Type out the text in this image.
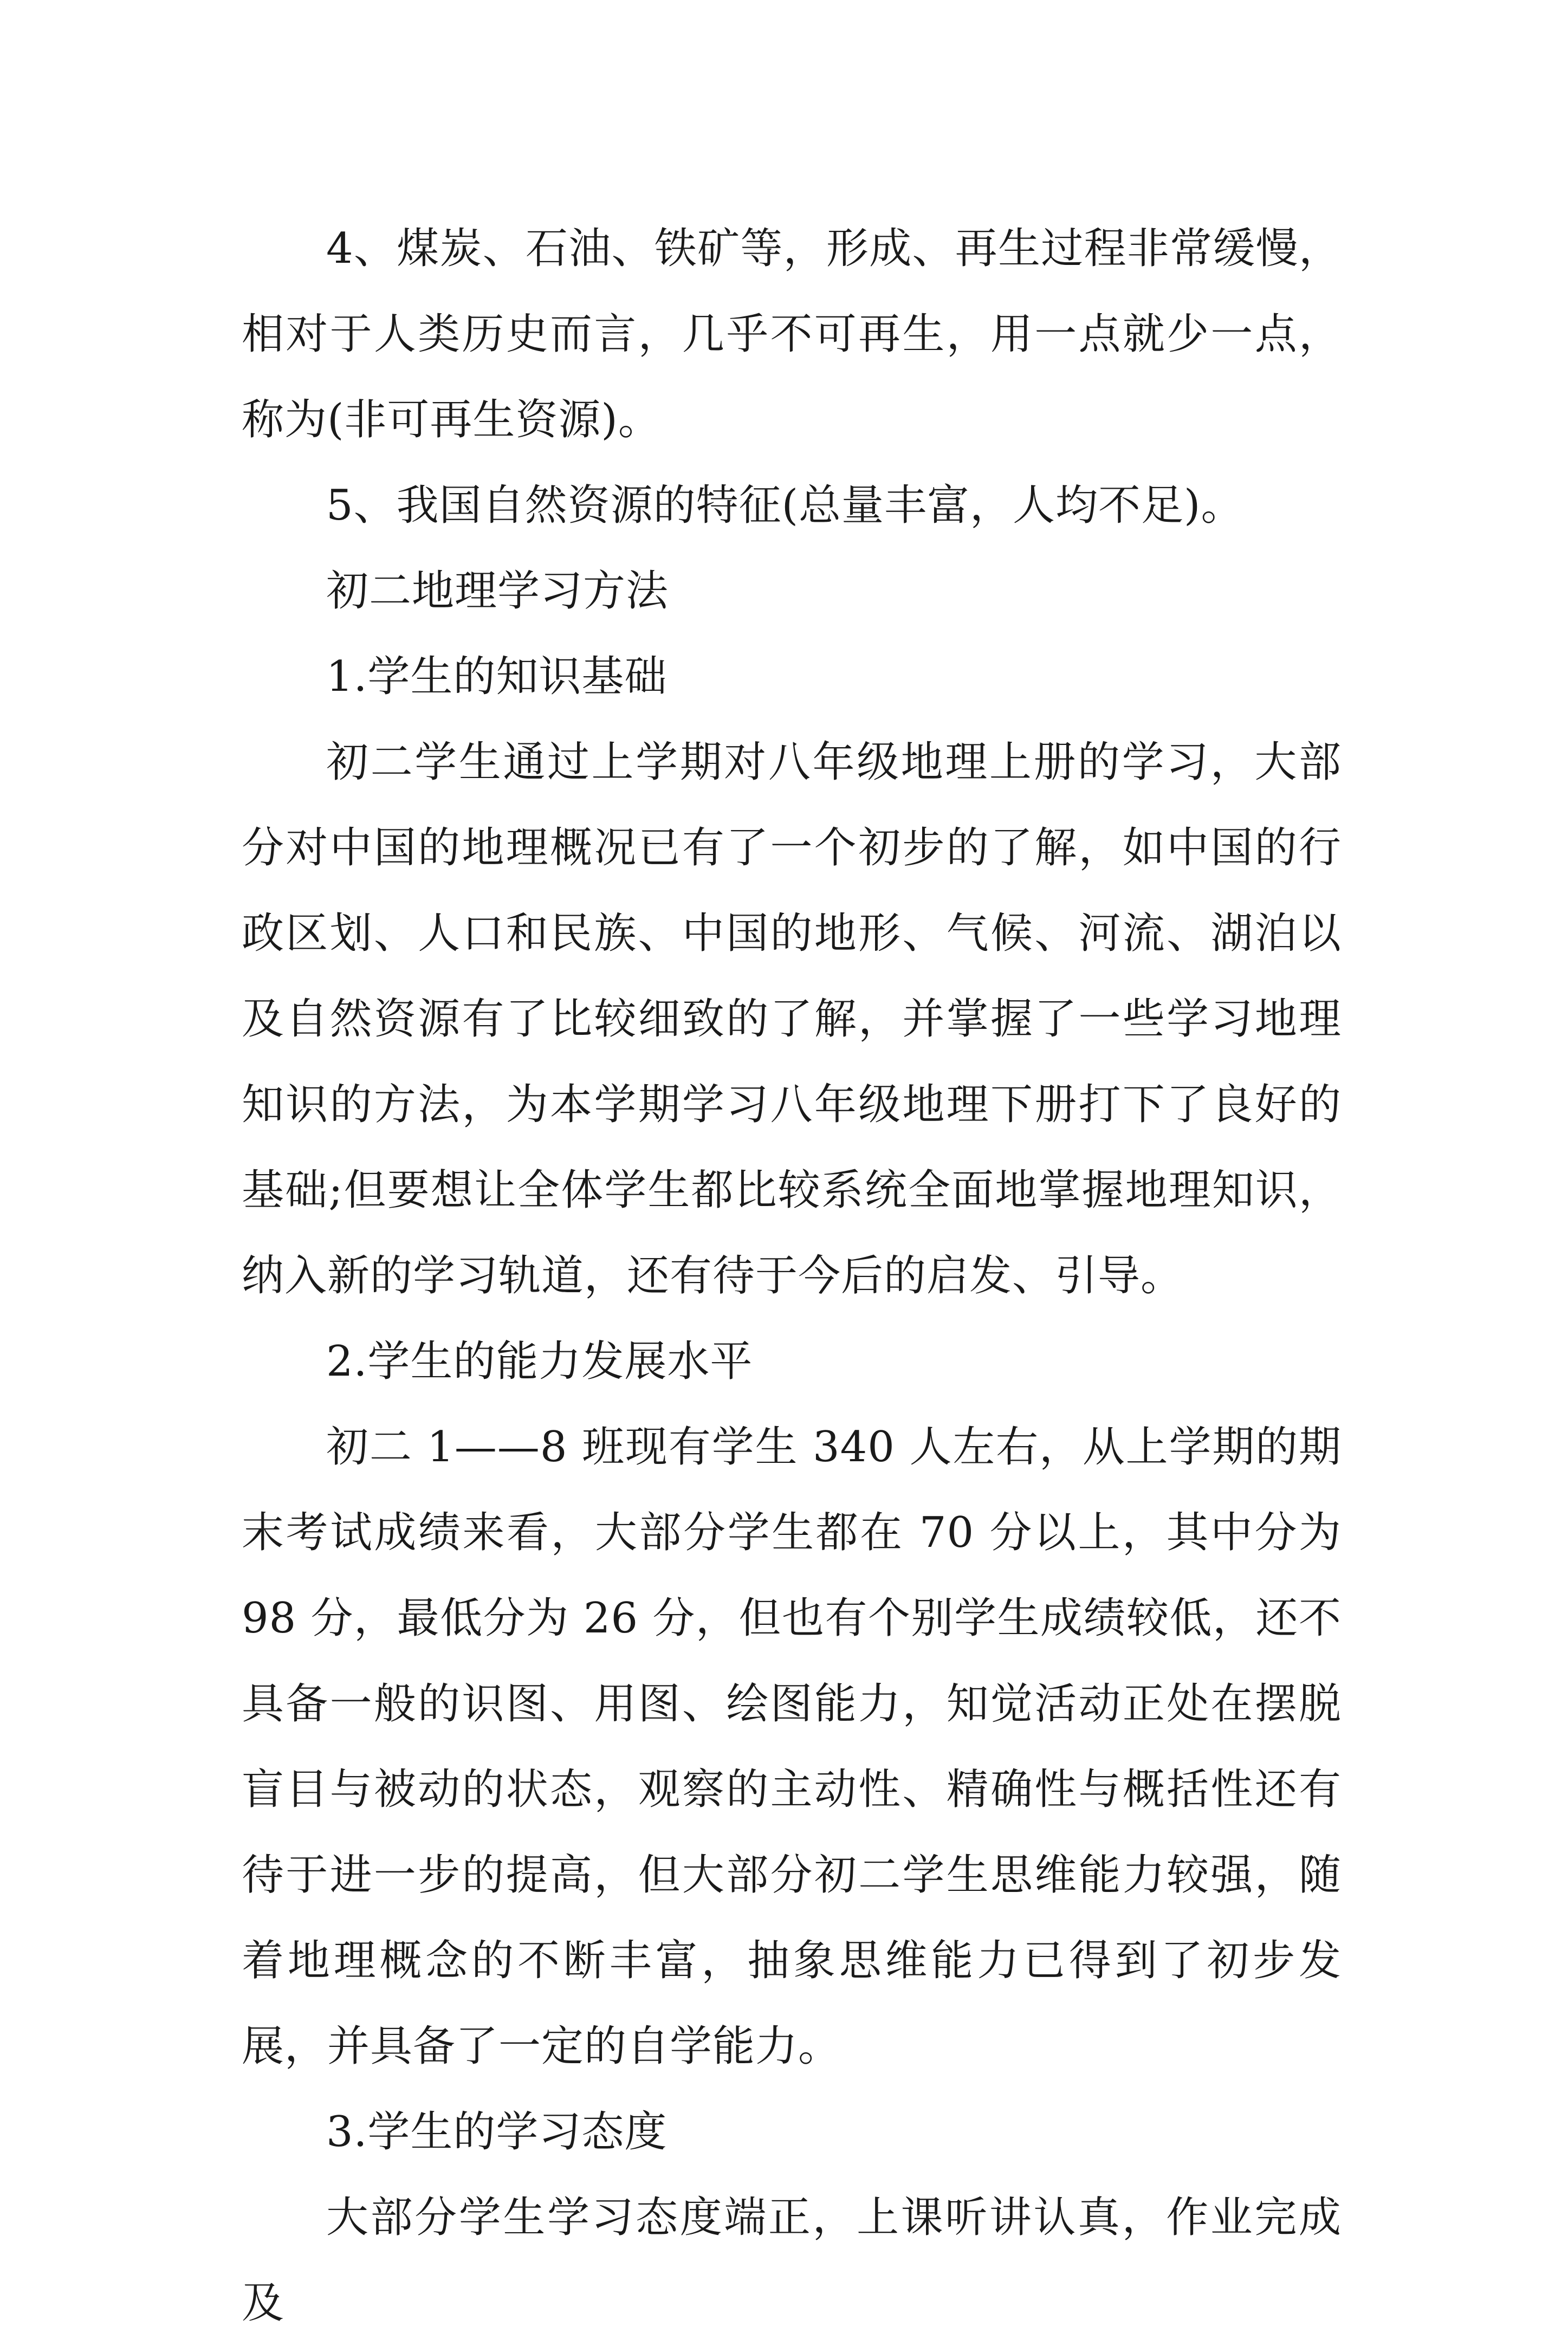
4、煤炭、石油、铁矿等，形成、再生过程非常缓慢，相对于人类历史而言，几乎不可再生，用一点就少一点，称为(非可再生资源)。

5、我国自然资源的特征(总量丰富，人均不足)。

初二地理学习方法

1.学生的知识基础

初二学生通过上学期对八年级地理上册的学习，大部分对中国的地理概况已有了一个初步的了解，如中国的行政区划、人口和民族、中国的地形、气候、河流、湖泊以及自然资源有了比较细致的了解，并掌握了一些学习地理知识的方法，为本学期学习八年级地理下册打下了良好的基础;但要想让全体学生都比较系统全面地掌握地理知识，纳入新的学习轨道，还有待于今后的启发、引导。

2.学生的能力发展水平

初二 1——8 班现有学生 340 人左右，从上学期的期末考试成绩来看，大部分学生都在 70 分以上，其中分为 98 分，最低分为 26 分，但也有个别学生成绩较低，还不具备一般的识图、用图、绘图能力，知觉活动正处在摆脱盲目与被动的状态，观察的主动性、精确性与概括性还有待于进一步的提高，但大部分初二学生思维能力较强，随着地理概念的不断丰富，抽象思维能力已得到了初步发展，并具备了一定的自学能力。

3.学生的学习态度

大部分学生学习态度端正，上课听讲认真，作业完成及
